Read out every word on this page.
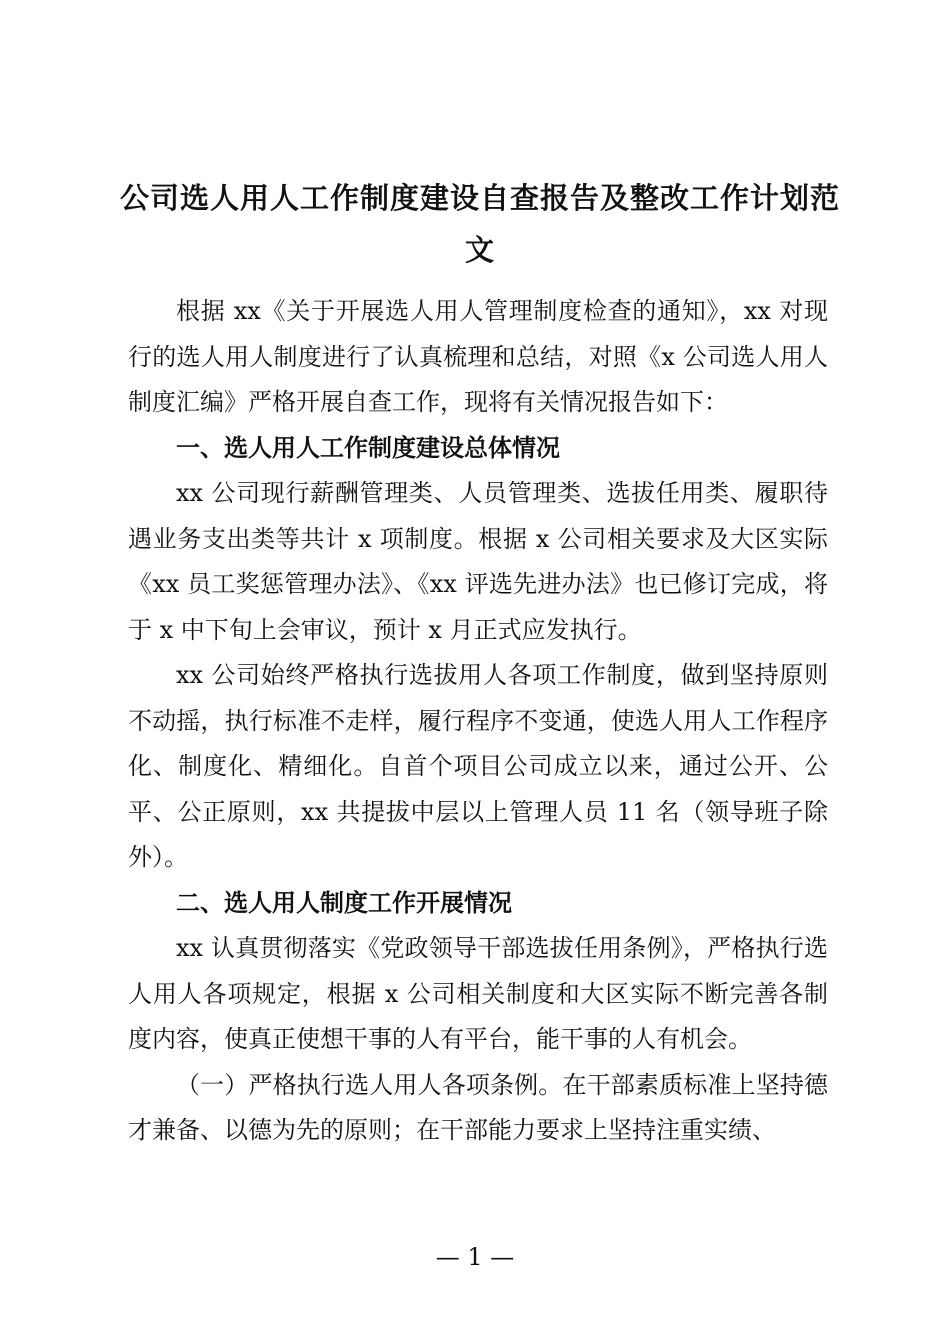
公司选人用人工作制度建设自查报告及整改工作计划范文

根据 xx《关于开展选人用人管理制度检查的通知》，xx 对现行的选人用人制度进行了认真梳理和总结，对照《x 公司选人用人制度汇编》严格开展自查工作，现将有关情况报告如下：

一、选人用人工作制度建设总体情况

xx 公司现行薪酬管理类、人员管理类、选拔任用类、履职待遇业务支出类等共计 x 项制度。根据 x 公司相关要求及大区实际《xx 员工奖惩管理办法》、《xx 评选先进办法》也已修订完成，将于 x 中下旬上会审议，预计 x 月正式应发执行。

xx 公司始终严格执行选拔用人各项工作制度，做到坚持原则不动摇，执行标准不走样，履行程序不变通，使选人用人工作程序化、制度化、精细化。自首个项目公司成立以来，通过公开、公平、公正原则，xx 共提拔中层以上管理人员 11 名（领导班子除外）。

二、选人用人制度工作开展情况

xx 认真贯彻落实《党政领导干部选拔任用条例》，严格执行选人用人各项规定，根据 x 公司相关制度和大区实际不断完善各制度内容，使真正使想干事的人有平台，能干事的人有机会。

（一）严格执行选人用人各项条例。在干部素质标准上坚持德才兼备、以德为先的原则；在干部能力要求上坚持注重实绩、

— 1 —
